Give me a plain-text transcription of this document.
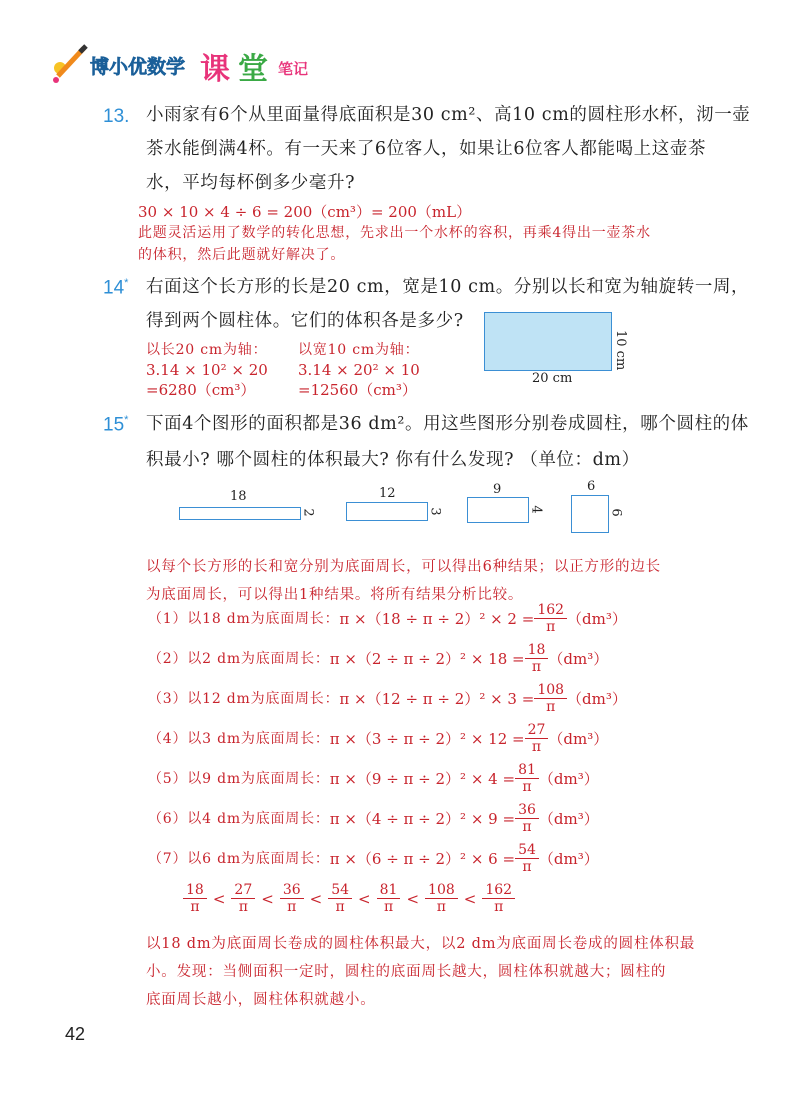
博小优数学 课 堂 笔记
13. 小雨家有6个从里面量得底面积是30 cm²、高10 cm的圆柱形水杯，沏一壶
茶水能倒满4杯。有一天来了6位客人，如果让6位客人都能喝上这壶茶
水，平均每杯倒多少毫升?
30 × 10 × 4 ÷ 6 = 200（cm³）= 200（mL）
此题灵活运用了数学的转化思想，先求出一个水杯的容积，再乘4得出一壶茶水
的体积，然后此题就好解决了。
14* 右面这个长方形的长是20 cm，宽是10 cm。分别以长和宽为轴旋转一周，
得到两个圆柱体。它们的体积各是多少?
20 cm
10 cm
以长20 cm为轴：
3.14 × 10² × 20
=6280（cm³）
以宽10 cm为轴：
3.14 × 20² × 10
=12560（cm³）
15* 下面4个图形的面积都是36 dm²。用这些图形分别卷成圆柱，哪个圆柱的体
积最小? 哪个圆柱的体积最大? 你有什么发现? （单位：dm）
18
2
12
3
9
4
6
6
以每个长方形的长和宽分别为底面周长，可以得出6种结果；以正方形的边长
为底面周长，可以得出1种结果。将所有结果分析比较。
（1）以18 dm为底面周长： $\pi \times(18 \div \pi \div 2)^2 \times 2 = \frac{162}{\pi} (dm^3)$
（2）以2 dm为底面周长： $\pi \times(2 \div \pi \div 2)^2 \times 18 = \frac{18}{\pi} (dm^3)$
（3）以12 dm为底面周长： $\pi \times(12 \div \pi \div 2)^2 \times 3 = \frac{108}{\pi} (dm^3)$
（4）以3 dm为底面周长： $\pi \times(3 \div \pi \div 2)^2 \times 12 = \frac{27}{\pi} (dm^3)$
（5）以9 dm为底面周长： $\pi \times(9 \div \pi \div 2)^2 \times 4 = \frac{81}{\pi} (dm^3)$
（6）以4 dm为底面周长： $\pi \times(4 \div \pi \div 2)^2 \times 9 = \frac{36}{\pi} (dm^3)$
（7）以6 dm为底面周长： $\pi \times(6 \div \pi \div 2)^2 \times 6 = \frac{54}{\pi} (dm^3)$
$\frac{18}{\pi} < \frac{27}{\pi} < \frac{36}{\pi} < \frac{54}{\pi} < \frac{81}{\pi} < \frac{108}{\pi} < \frac{162}{\pi}$
以18 dm为底面周长卷成的圆柱体积最大，以2 dm为底面周长卷成的圆柱体积最
小。发现：当侧面积一定时，圆柱的底面周长越大，圆柱体积就越大；圆柱的
底面周长越小，圆柱体积就越小。
42
